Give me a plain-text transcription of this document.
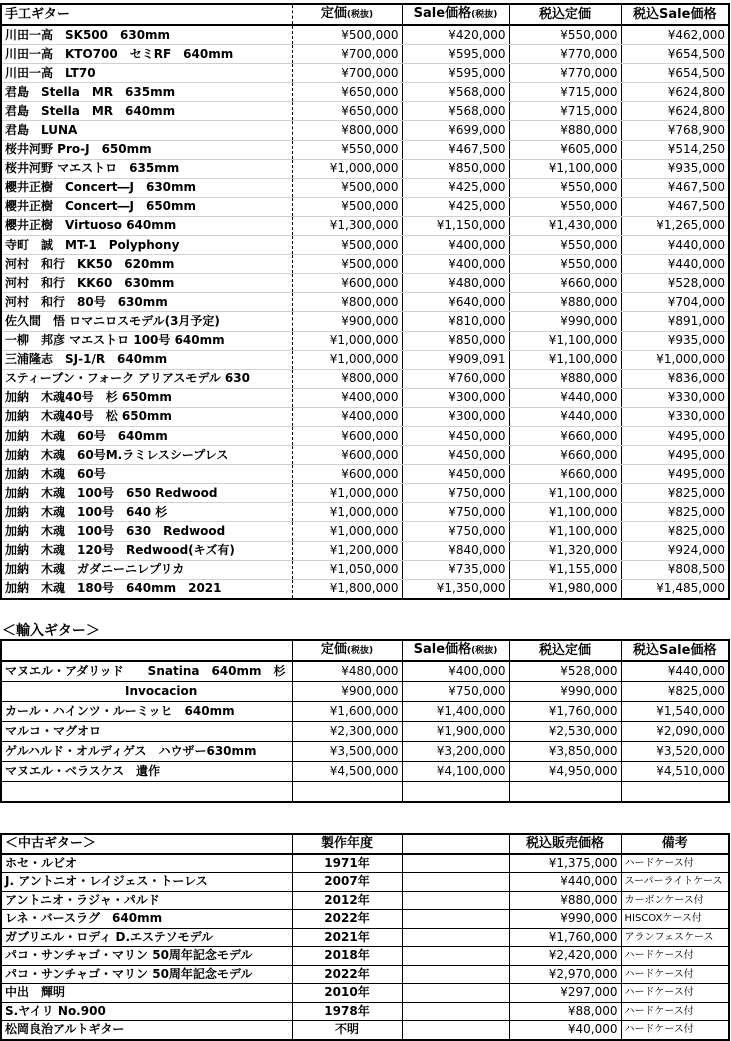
手工ギター	定価(税抜)	Sale価格(税抜)	税込定価	税込Sale価格
川田一高　SK500　630mm	¥500,000	¥420,000	¥550,000	¥462,000
川田一高　KTO700　セミRF　640mm	¥700,000	¥595,000	¥770,000	¥654,500
川田一高　LT70	¥700,000	¥595,000	¥770,000	¥654,500
君島　Stella　MR　635mm	¥650,000	¥568,000	¥715,000	¥624,800
君島　Stella　MR　640mm	¥650,000	¥568,000	¥715,000	¥624,800
君島　LUNA	¥800,000	¥699,000	¥880,000	¥768,900
桜井河野 Pro-J　650mm	¥550,000	¥467,500	¥605,000	¥514,250
桜井河野 マエストロ　635mm	¥1,000,000	¥850,000	¥1,100,000	¥935,000
櫻井正樹　Concert―J　630mm	¥500,000	¥425,000	¥550,000	¥467,500
櫻井正樹　Concert―J　650mm	¥500,000	¥425,000	¥550,000	¥467,500
櫻井正樹　Virtuoso 640mm	¥1,300,000	¥1,150,000	¥1,430,000	¥1,265,000
寺町　誠　MT-1　Polyphony	¥500,000	¥400,000	¥550,000	¥440,000
河村　和行　KK50　620mm	¥500,000	¥400,000	¥550,000	¥440,000
河村　和行　KK60　630mm	¥600,000	¥480,000	¥660,000	¥528,000
河村　和行　80号　630mm	¥800,000	¥640,000	¥880,000	¥704,000
佐久間　悟 ロマニロスモデル(3月予定)	¥900,000	¥810,000	¥990,000	¥891,000
一柳　邦彦 マエストロ 100号 640mm	¥1,000,000	¥850,000	¥1,100,000	¥935,000
三浦隆志　SJ-1/R　640mm	¥1,000,000	¥909,091	¥1,100,000	¥1,000,000
スティーブン・フォーク アリアスモデル 630	¥800,000	¥760,000	¥880,000	¥836,000
加納　木魂40号　杉 650mm	¥400,000	¥300,000	¥440,000	¥330,000
加納　木魂40号　松 650mm	¥400,000	¥300,000	¥440,000	¥330,000
加納　木魂　60号　640mm	¥600,000	¥450,000	¥660,000	¥495,000
加納　木魂　60号M.ラミレスシープレス	¥600,000	¥450,000	¥660,000	¥495,000
加納　木魂　60号	¥600,000	¥450,000	¥660,000	¥495,000
加納　木魂　100号　650 Redwood	¥1,000,000	¥750,000	¥1,100,000	¥825,000
加納　木魂　100号　640 杉	¥1,000,000	¥750,000	¥1,100,000	¥825,000
加納　木魂　100号　630　Redwood	¥1,000,000	¥750,000	¥1,100,000	¥825,000
加納　木魂　120号　Redwood(キズ有)	¥1,200,000	¥840,000	¥1,320,000	¥924,000
加納　木魂　ガダニーニレプリカ	¥1,050,000	¥735,000	¥1,155,000	¥808,500
加納　木魂　180号　640mm　2021	¥1,800,000	¥1,350,000	¥1,980,000	¥1,485,000
＜輸入ギター＞
	定価(税抜)	Sale価格(税抜)	税込定価	税込Sale価格
マヌエル・アダリッド　　Snatina　640mm　杉	¥480,000	¥400,000	¥528,000	¥440,000
　　　　　　　　　　Invocacion	¥900,000	¥750,000	¥990,000	¥825,000
カール・ハインツ・ルーミッヒ　640mm	¥1,600,000	¥1,400,000	¥1,760,000	¥1,540,000
マルコ・マグオロ	¥2,300,000	¥1,900,000	¥2,530,000	¥2,090,000
ゲルハルド・オルディゲス　ハウザー630mm	¥3,500,000	¥3,200,000	¥3,850,000	¥3,520,000
マヌエル・ベラスケス　遺作	¥4,500,000	¥4,100,000	¥4,950,000	¥4,510,000

＜中古ギター＞	製作年度		税込販売価格	備考
ホセ・ルビオ	1971年		¥1,375,000	ハードケース付
J. アントニオ・レイジェス・トーレス	2007年		¥440,000	スーパーライトケース
アントニオ・ラジャ・パルド	2012年		¥880,000	カーボンケース付
レネ・バースラグ　640mm	2022年		¥990,000	HISCOXケース付
ガブリエル・ロディ D.エステソモデル	2021年		¥1,760,000	アランフェスケース
パコ・サンチャゴ・マリン 50周年記念モデル	2018年		¥2,420,000	ハードケース付
パコ・サンチャゴ・マリン 50周年記念モデル	2022年		¥2,970,000	ハードケース付
中出　輝明	2010年		¥297,000	ハードケース付
S.ヤイリ No.900	1978年		¥88,000	ハードケース付
松岡良治アルトギター	不明		¥40,000	ハードケース付
